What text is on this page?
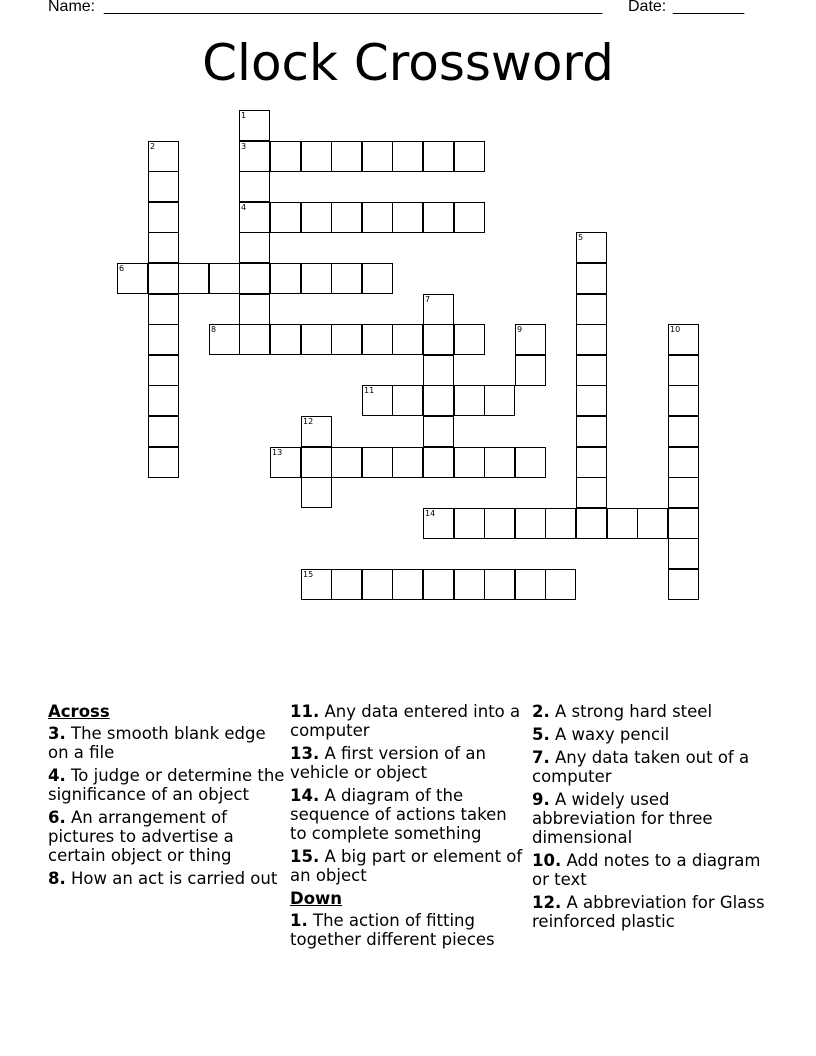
Name: ________________________________________________________ Date: ________
Clock Crossword
1
3
4
2
5
6
7
8	9	10
11
12
13
14
15
Across
3. The smooth blank edge on a file
4. To judge or determine the significance of an object
6. An arrangement of pictures to advertise a certain object or thing
8. How an act is carried out
11. Any data entered into a computer
13. A first version of an vehicle or object
14. A diagram of the sequence of actions taken to complete something
15. A big part or element of an object
Down
1. The action of fitting together different pieces
2. A strong hard steel
5. A waxy pencil
7. Any data taken out of a computer
9. A widely used abbreviation for three dimensional
10. Add notes to a diagram or text
12. A abbreviation for Glass reinforced plastic
